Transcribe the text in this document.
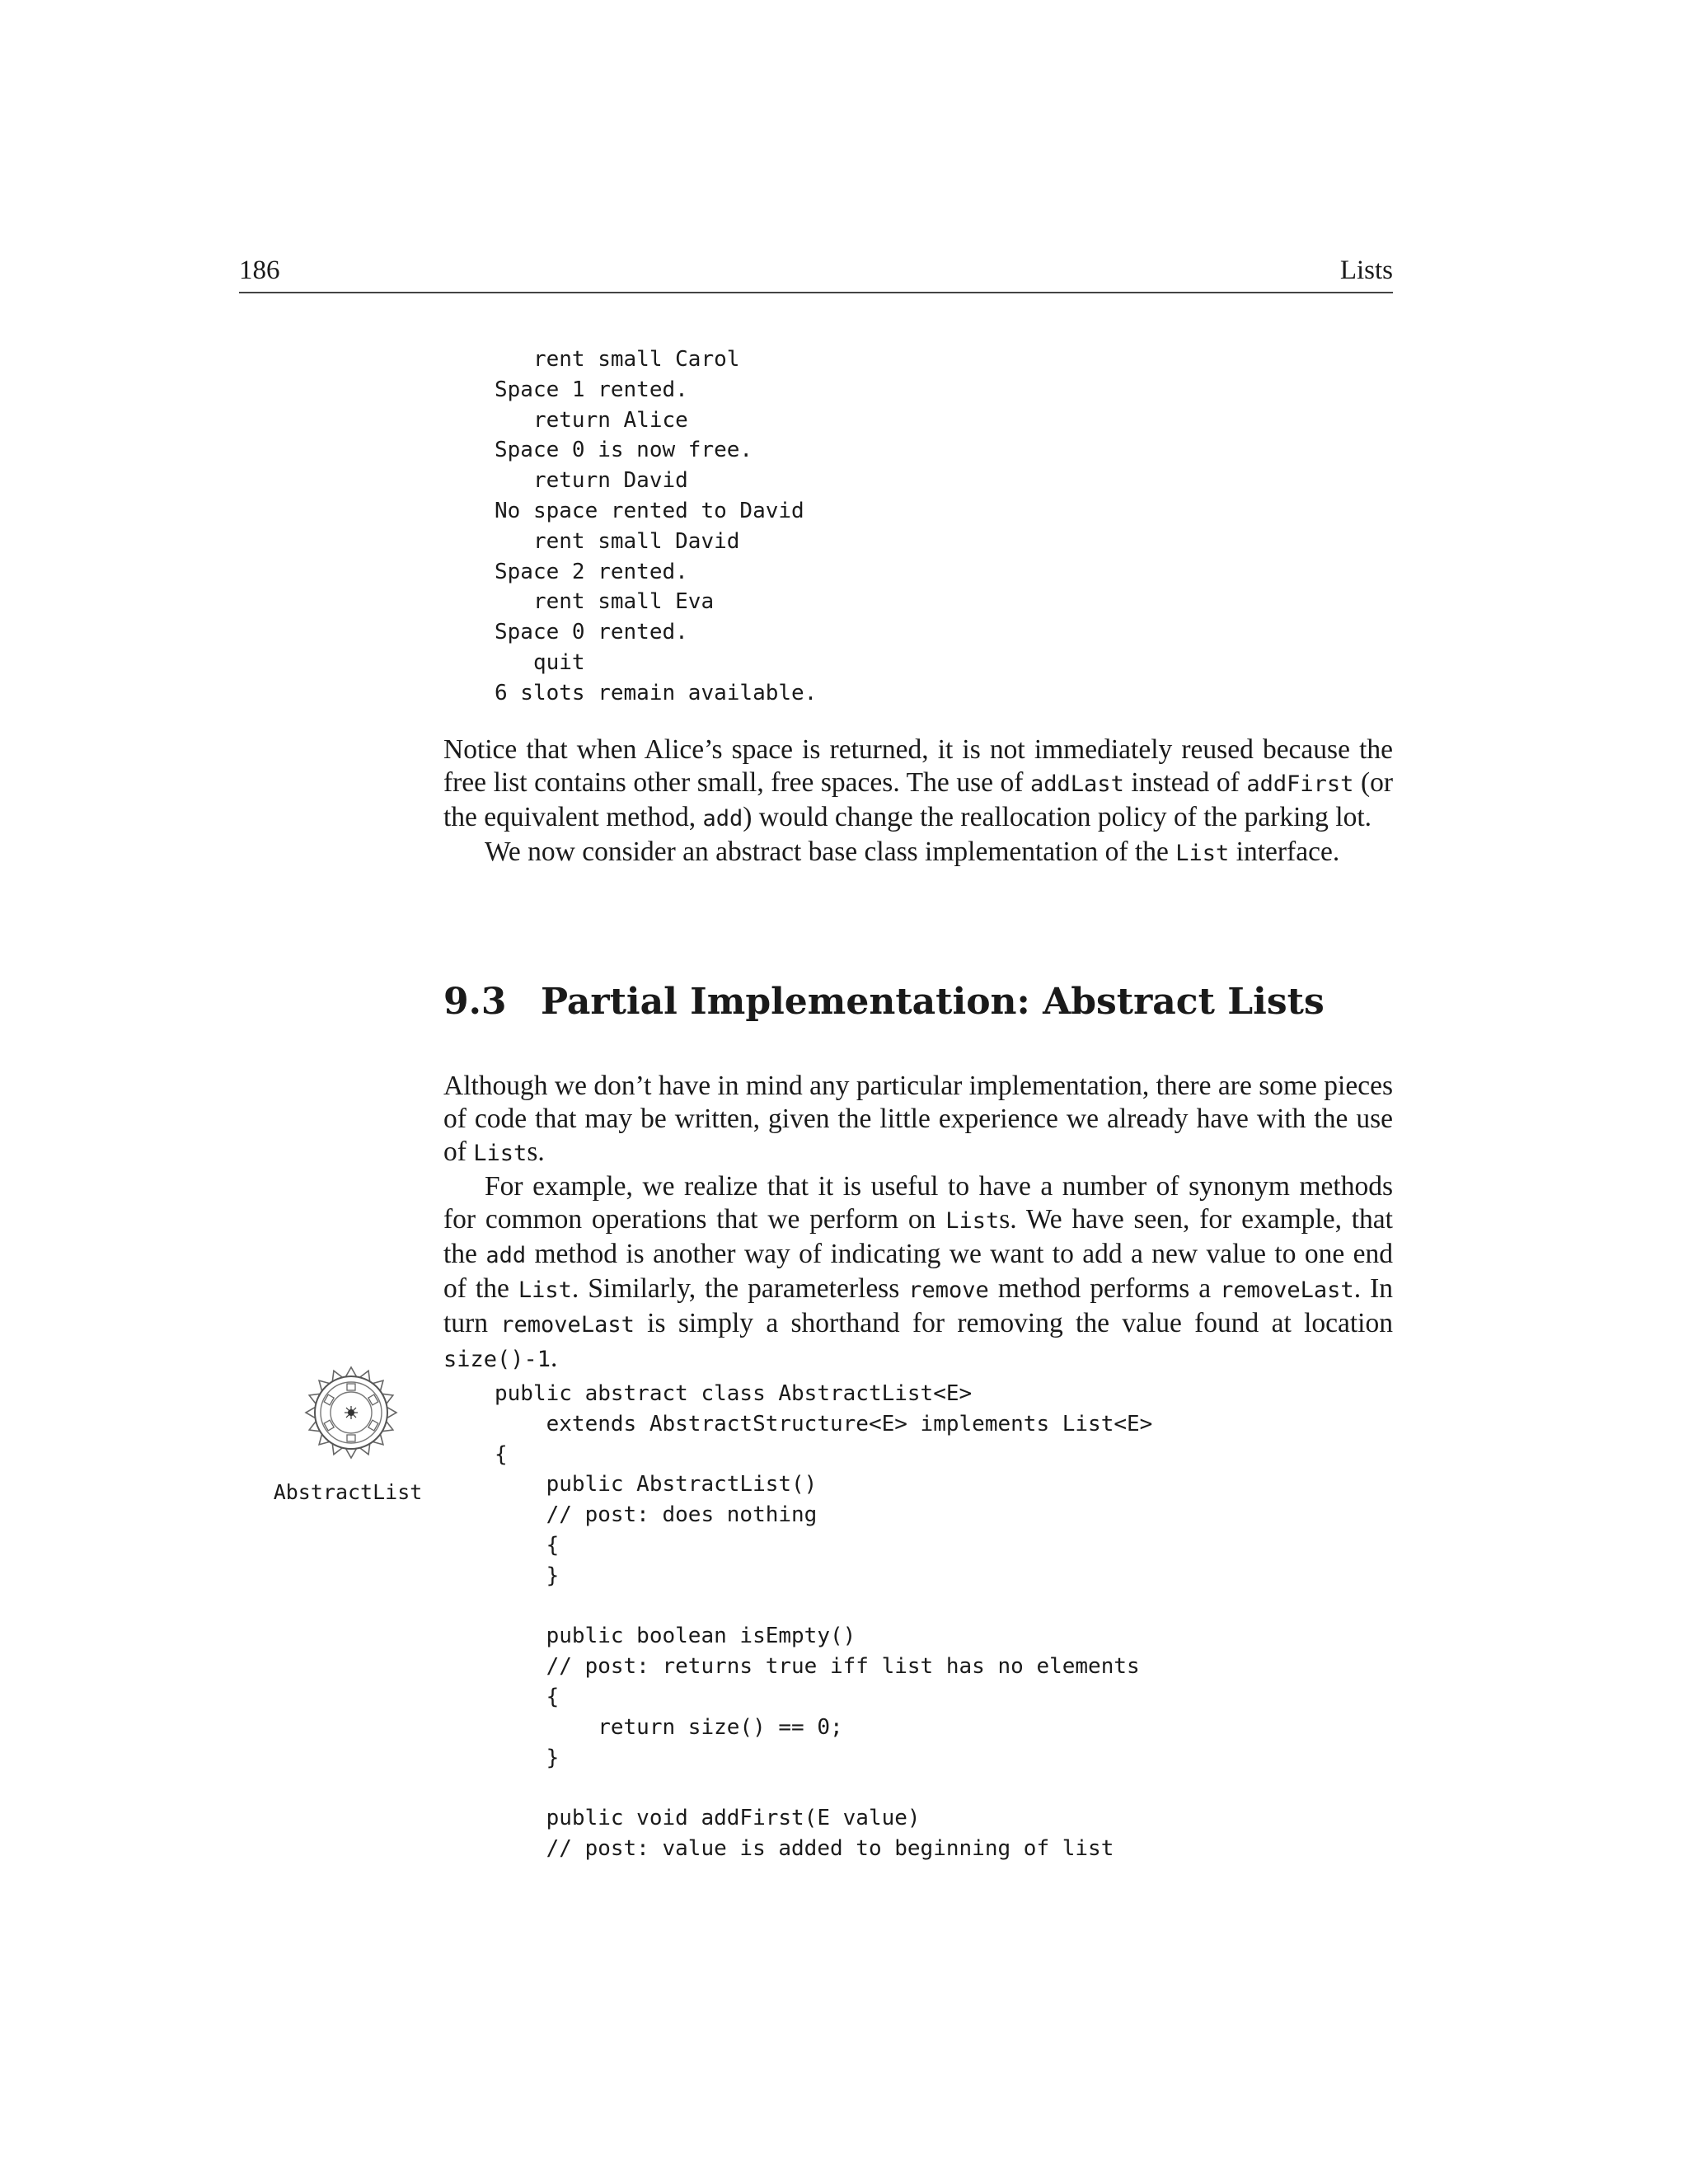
186	Lists
rent small Carol
Space 1 rented.
return Alice
Space 0 is now free.
return David
No space rented to David
rent small David
Space 2 rented.
rent small Eva
Space 0 rented.
quit
6 slots remain available.

Notice that when Alice’s space is returned, it is not immediately reused because the free list contains other small, free spaces. The use of addLast instead of addFirst (or the equivalent method, add) would change the reallocation policy of the parking lot.

We now consider an abstract base class implementation of the List interface.

9.3 Partial Implementation: Abstract Lists

Although we don’t have in mind any particular implementation, there are some pieces of code that may be written, given the little experience we already have with the use of Lists.

For example, we realize that it is useful to have a number of synonym methods for common operations that we perform on Lists. We have seen, for example, that the add method is another way of indicating we want to add a new value to one end of the List. Similarly, the parameterless remove method performs a removeLast. In turn removeLast is simply a shorthand for removing the value found at location size()-1.

AbstractList
public abstract class AbstractList<E>
extends AbstractStructure<E> implements List<E>
{
public AbstractList()
// post: does nothing
{
}
public boolean isEmpty()
// post: returns true iff list has no elements
{
return size() == 0;
}
public void addFirst(E value)
// post: value is added to beginning of list
